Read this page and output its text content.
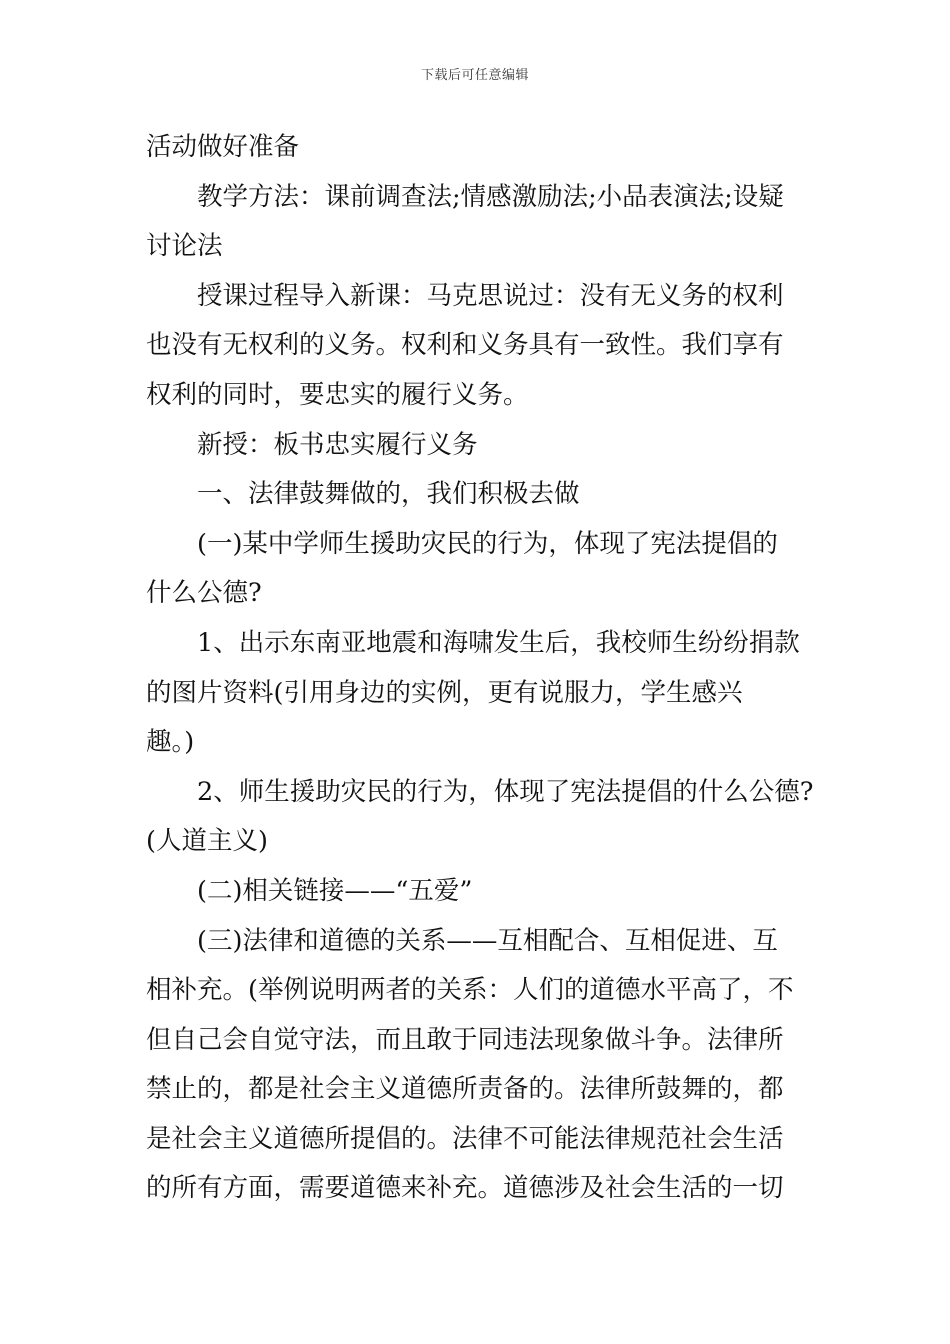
下载后可任意编辑
活动做好准备
教学方法：课前调查法;情感激励法;小品表演法;设疑
讨论法
授课过程导入新课：马克思说过：没有无义务的权利
也没有无权利的义务。权利和义务具有一致性。我们享有
权利的同时，要忠实的履行义务。
新授：板书忠实履行义务
一、法律鼓舞做的，我们积极去做
(一)某中学师生援助灾民的行为，体现了宪法提倡的
什么公德?
1、出示东南亚地震和海啸发生后，我校师生纷纷捐款
的图片资料(引用身边的实例，更有说服力，学生感兴
趣。)
2、师生援助灾民的行为，体现了宪法提倡的什么公德?
(人道主义)
(二)相关链接——“五爱”
(三)法律和道德的关系——互相配合、互相促进、互
相补充。(举例说明两者的关系：人们的道德水平高了，不
但自己会自觉守法，而且敢于同违法现象做斗争。法律所
禁止的，都是社会主义道德所责备的。法律所鼓舞的，都
是社会主义道德所提倡的。法律不可能法律规范社会生活
的所有方面，需要道德来补充。道德涉及社会生活的一切
